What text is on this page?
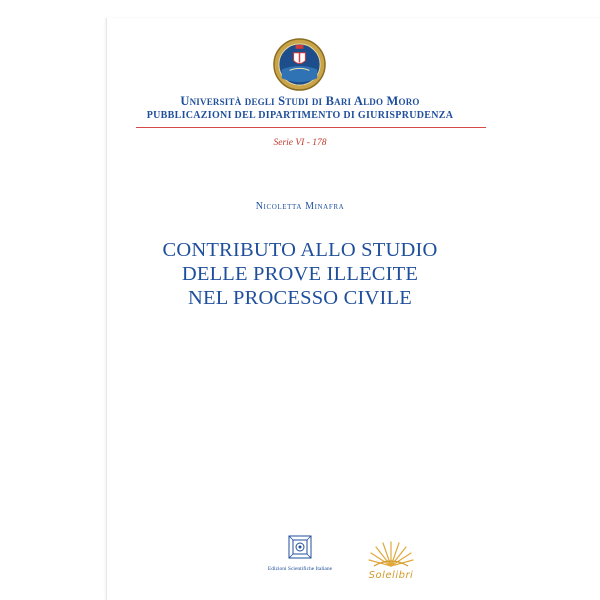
Università degli Studi di Bari Aldo Moro
PUBBLICAZIONI DEL DIPARTIMENTO DI GIURISPRUDENZA
Serie VI - 178
Nicoletta Minafra
CONTRIBUTO ALLO STUDIO
DELLE PROVE ILLECITE
NEL PROCESSO CIVILE
Edizioni Scientifiche Italiane
Solelibri
